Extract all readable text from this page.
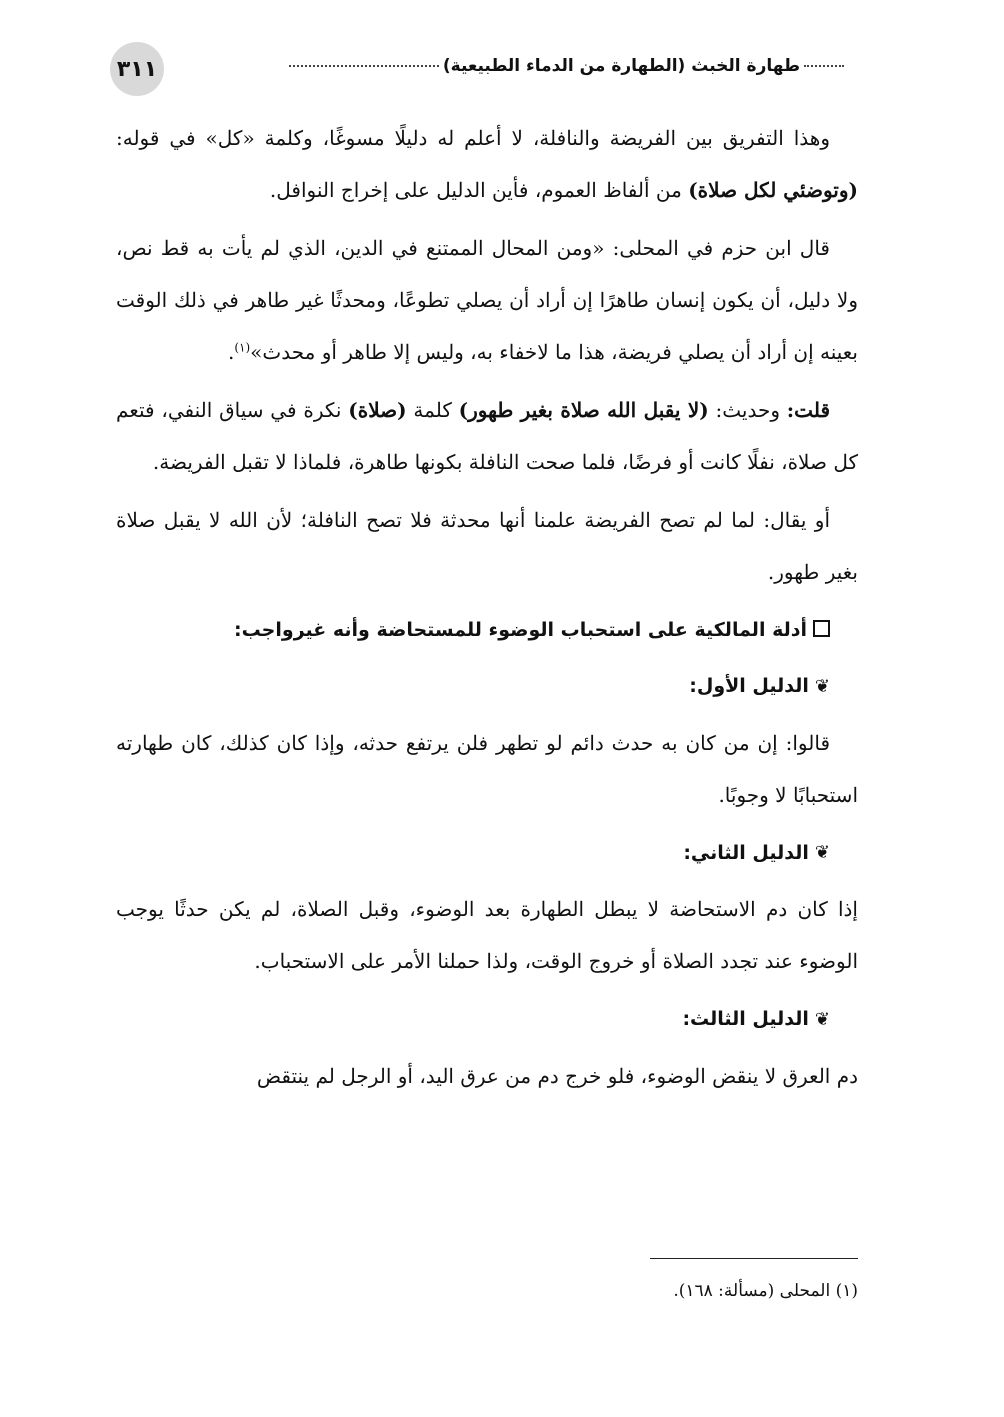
طهارة الخبث (الطهارة من الدماء الطبيعية)
٣١١

وهذا التفريق بين الفريضة والنافلة، لا أعلم له دليلًا مسوغًا، وكلمة «كل» في قوله: (وتوضئي لكل صلاة) من ألفاظ العموم، فأين الدليل على إخراج النوافل.

قال ابن حزم في المحلى: «ومن المحال الممتنع في الدين، الذي لم يأت به قط نص، ولا دليل، أن يكون إنسان طاهرًا إن أراد أن يصلي تطوعًا، ومحدثًا غير طاهر في ذلك الوقت بعينه إن أراد أن يصلي فريضة، هذا ما لاخفاء به، وليس إلا طاهر أو محدث»$^{(١)}$.

قلت: وحديث: (لا يقبل الله صلاة بغير طهور) كلمة (صلاة) نكرة في سياق النفي، فتعم كل صلاة، نفلًا كانت أو فرضًا، فلما صحت النافلة بكونها طاهرة، فلماذا لا تقبل الفريضة.

أو يقال: لما لم تصح الفريضة علمنا أنها محدثة فلا تصح النافلة؛ لأن الله لا يقبل صلاة بغير طهور.

أدلة المالكية على استحباب الوضوء للمستحاضة وأنه غيرواجب:
❦الدليل الأول:

قالوا: إن من كان به حدث دائم لو تطهر فلن يرتفع حدثه، وإذا كان كذلك، كان طهارته استحبابًا لا وجوبًا.

❦الدليل الثاني:

إذا كان دم الاستحاضة لا يبطل الطهارة بعد الوضوء، وقبل الصلاة، لم يكن حدثًا يوجب الوضوء عند تجدد الصلاة أو خروج الوقت، ولذا حملنا الأمر على الاستحباب.

❦الدليل الثالث:

دم العرق لا ينقض الوضوء، فلو خرج دم من عرق اليد، أو الرجل لم ينتقض

(١) المحلى (مسألة: ١٦٨).
